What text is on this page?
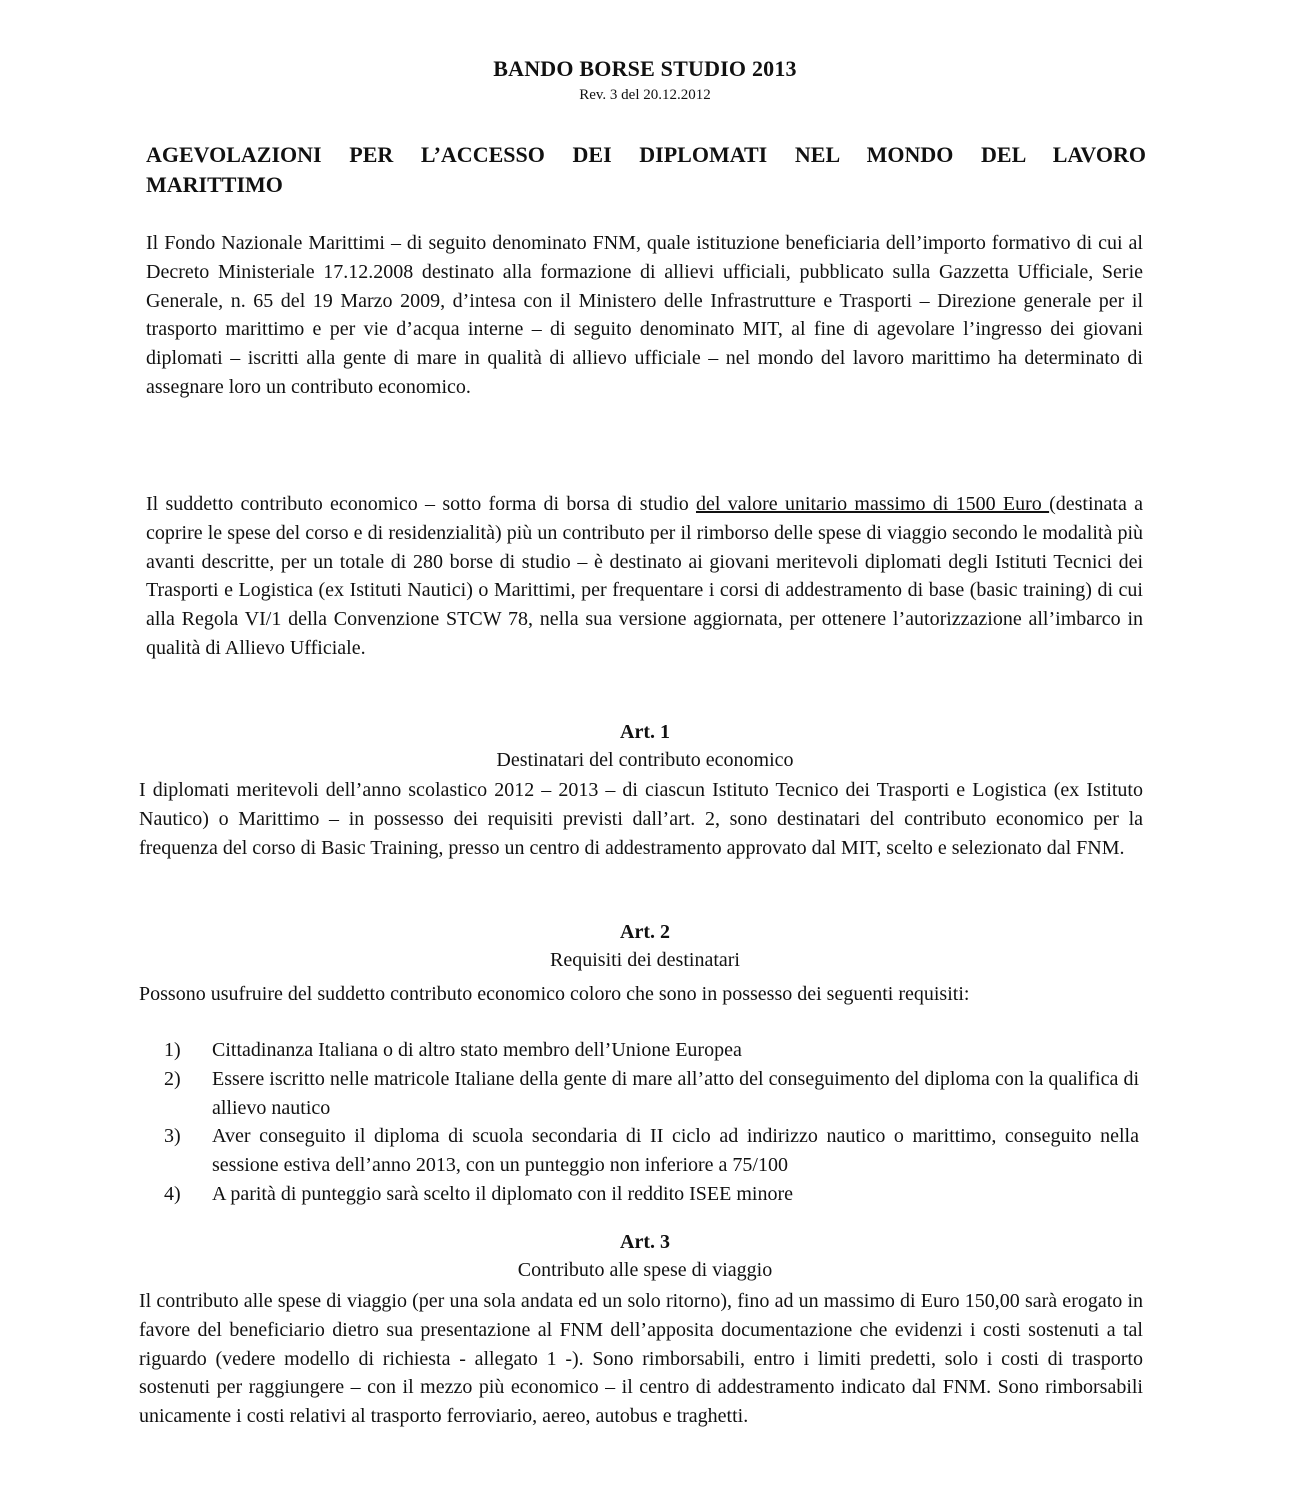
BANDO BORSE STUDIO 2013
Rev. 3 del 20.12.2012
AGEVOLAZIONI PER L’ACCESSO DEI DIPLOMATI NEL MONDO DEL LAVORO MARITTIMO
Il Fondo Nazionale Marittimi – di seguito denominato FNM, quale istituzione beneficiaria dell’importo formativo di cui al Decreto Ministeriale 17.12.2008 destinato alla formazione di allievi ufficiali, pubblicato sulla Gazzetta Ufficiale, Serie Generale, n. 65 del 19 Marzo 2009, d’intesa con il Ministero delle Infrastrutture e Trasporti – Direzione generale per il trasporto marittimo e per vie d’acqua interne – di seguito denominato MIT, al fine di agevolare l’ingresso dei giovani diplomati – iscritti alla gente di mare in qualità di allievo ufficiale – nel mondo del lavoro marittimo ha determinato di assegnare loro un contributo economico.
Il suddetto contributo economico – sotto forma di borsa di studio del valore unitario massimo di 1500 Euro (destinata a coprire le spese del corso e di residenzialità) più un contributo per il rimborso delle spese di viaggio secondo le modalità più avanti descritte, per un totale di 280 borse di studio – è destinato ai giovani meritevoli diplomati degli Istituti Tecnici dei Trasporti e Logistica (ex Istituti Nautici) o Marittimi, per frequentare i corsi di addestramento di base (basic training) di cui alla Regola VI/1 della Convenzione STCW 78, nella sua versione aggiornata, per ottenere l’autorizzazione all’imbarco in qualità di Allievo Ufficiale.
Art. 1
Destinatari del contributo economico
I diplomati meritevoli dell’anno scolastico 2012 – 2013 – di ciascun Istituto Tecnico dei Trasporti e Logistica (ex Istituto Nautico) o Marittimo – in possesso dei requisiti previsti dall’art. 2, sono destinatari del contributo economico per la frequenza del corso di Basic Training, presso un centro di addestramento approvato dal MIT, scelto e selezionato dal FNM.
Art. 2
Requisiti dei destinatari
Possono usufruire del suddetto contributo economico coloro che sono in possesso dei seguenti requisiti:
1)	Cittadinanza Italiana o di altro stato membro dell’Unione Europea
2)	Essere iscritto nelle matricole Italiane della gente di mare all’atto del conseguimento del diploma con la qualifica di allievo nautico
3)	Aver conseguito il diploma di scuola secondaria di II ciclo ad indirizzo nautico o marittimo, conseguito nella sessione estiva dell’anno 2013, con un punteggio non inferiore a 75/100
4)	A parità di punteggio sarà scelto il diplomato con il reddito ISEE minore
Art. 3
Contributo alle spese di viaggio
Il contributo alle spese di viaggio (per una sola andata ed un solo ritorno), fino ad un massimo di Euro 150,00 sarà erogato in favore del beneficiario dietro sua presentazione al FNM dell’apposita documentazione che evidenzi i costi sostenuti a tal riguardo (vedere modello di richiesta - allegato 1 -). Sono rimborsabili, entro i limiti predetti, solo i costi di trasporto sostenuti per raggiungere – con il mezzo più economico – il centro di addestramento indicato dal FNM. Sono rimborsabili unicamente i costi relativi al trasporto ferroviario, aereo, autobus e traghetti.
